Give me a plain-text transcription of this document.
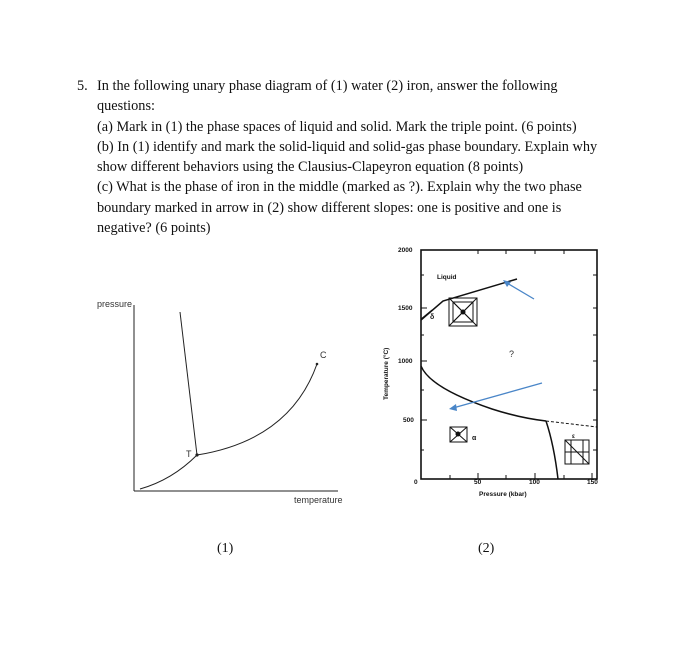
5. In the following unary phase diagram of (1) water (2) iron, answer the following
questions:
(a) Mark in (1) the phase spaces of liquid and solid. Mark the triple point. (6 points)
(b) In (1) identify and mark the solid-liquid and solid-gas phase boundary. Explain why
show different behaviors using the Clausius-Clapeyron equation (8 points)
(c) What is the phase of iron in the middle (marked as ?). Explain why the two phase
boundary marked in arrow in (2) show different slopes: one is positive and one is
negative? (6 points)
pressure
temperature
T
C
2000
1500
1000
500
0	50	100	150
Temperature (°C)
Pressure (kbar)
Liquid
δ
α	ε
?
(1)	(2)
